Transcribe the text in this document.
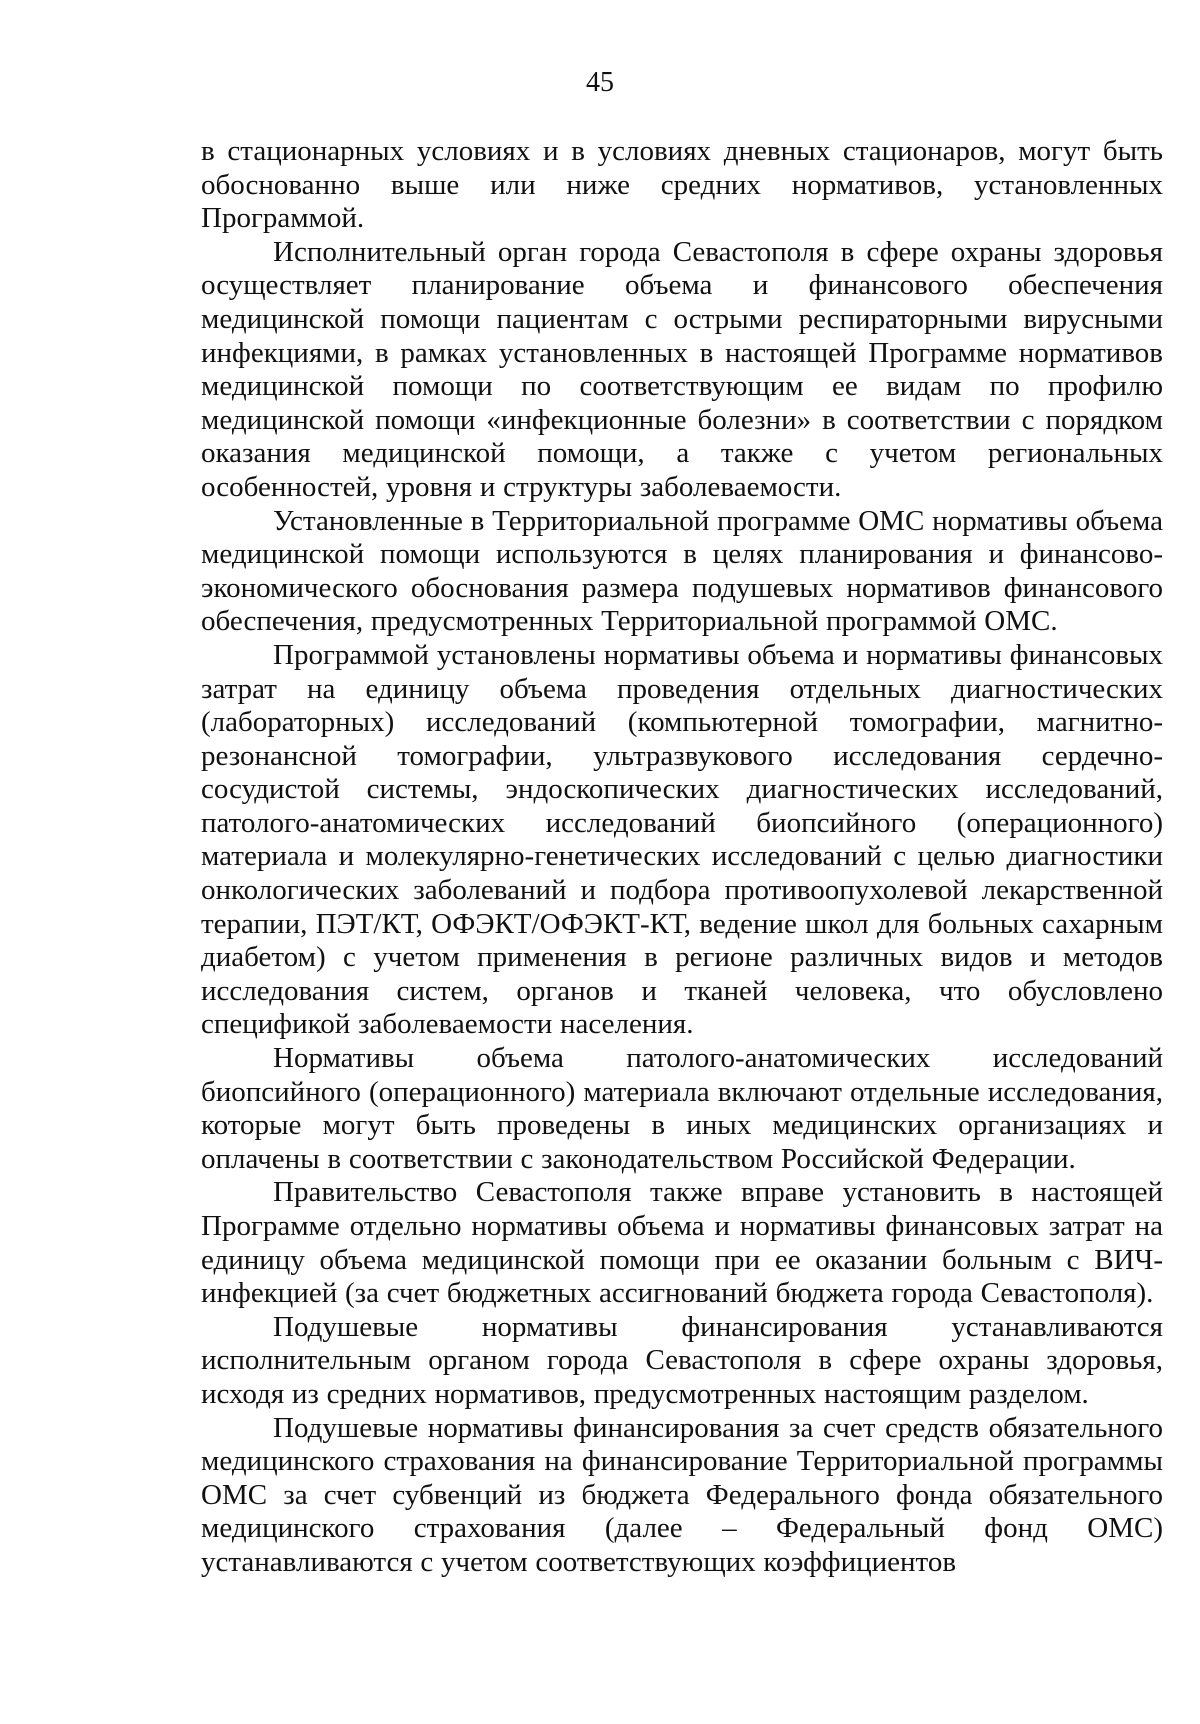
45

в стационарных условиях и в условиях дневных стационаров, могут быть обоснованно выше или ниже средних нормативов, установленных Программой.

Исполнительный орган города Севастополя в сфере охраны здоровья осуществляет планирование объема и финансового обеспечения медицинской помощи пациентам с острыми респираторными вирусными инфекциями, в рамках установленных в настоящей Программе нормативов медицинской помощи по соответствующим ее видам по профилю медицинской помощи «инфекционные болезни» в соответствии с порядком оказания медицинской помощи, а также с учетом региональных особенностей, уровня и структуры заболеваемости.

Установленные в Территориальной программе ОМС нормативы объема медицинской помощи используются в целях планирования и финансово-экономического обоснования размера подушевых нормативов финансового обеспечения, предусмотренных Территориальной программой ОМС.

Программой установлены нормативы объема и нормативы финансовых затрат на единицу объема проведения отдельных диагностических (лабораторных) исследований (компьютерной томографии, магнитно-резонансной томографии, ультразвукового исследования сердечно-сосудистой системы, эндоскопических диагностических исследований, патолого-анатомических исследований биопсийного (операционного) материала и молекулярно-генетических исследований с целью диагностики онкологических заболеваний и подбора противоопухолевой лекарственной терапии, ПЭТ/КТ, ОФЭКТ/ОФЭКТ-КТ, ведение школ для больных сахарным диабетом) с учетом применения в регионе различных видов и методов исследования систем, органов и тканей человека, что обусловлено спецификой заболеваемости населения.

Нормативы объема патолого-анатомических исследований биопсийного (операционного) материала включают отдельные исследования, которые могут быть проведены в иных медицинских организациях и оплачены в соответствии с законодательством Российской Федерации.

Правительство Севастополя также вправе установить в настоящей Программе отдельно нормативы объема и нормативы финансовых затрат на единицу объема медицинской помощи при ее оказании больным с ВИЧ-инфекцией (за счет бюджетных ассигнований бюджета города Севастополя).

Подушевые нормативы финансирования устанавливаются исполнительным органом города Севастополя в сфере охраны здоровья, исходя из средних нормативов, предусмотренных настоящим разделом.

Подушевые нормативы финансирования за счет средств обязательного медицинского страхования на финансирование Территориальной программы ОМС за счет субвенций из бюджета Федерального фонда обязательного медицинского страхования (далее – Федеральный фонд ОМС) устанавливаются с учетом соответствующих коэффициентов
